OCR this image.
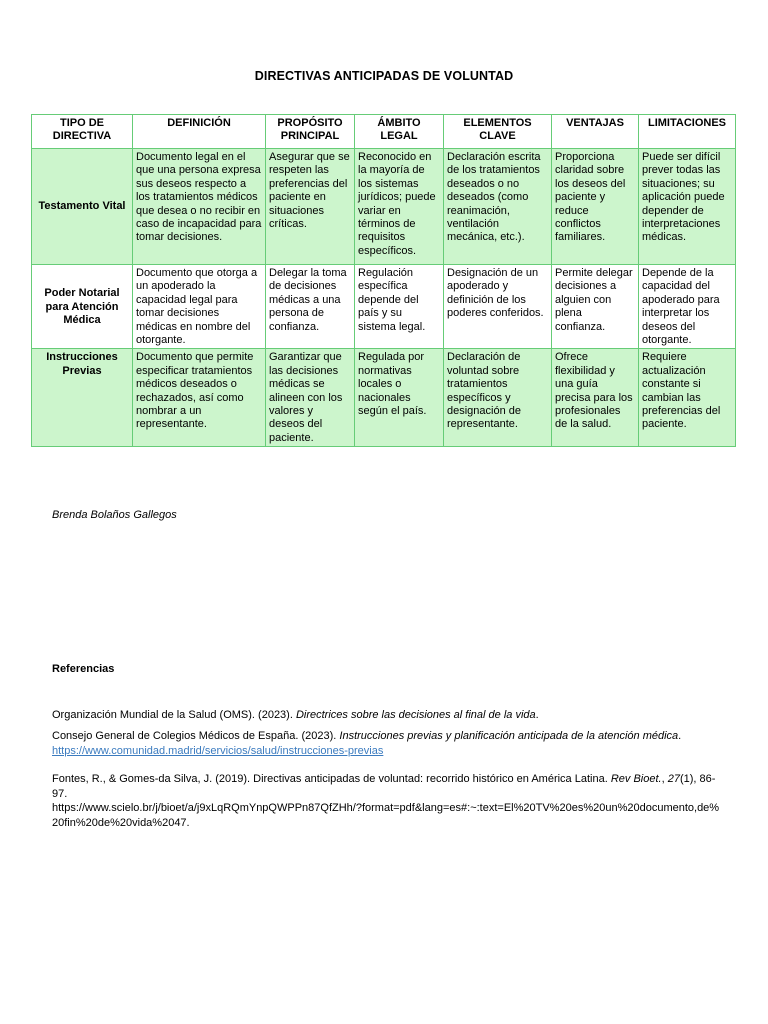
DIRECTIVAS ANTICIPADAS DE VOLUNTAD
TIPO DE DIRECTIVA	DEFINICIÓN	PROPÓSITO PRINCIPAL	ÁMBITO LEGAL	ELEMENTOS CLAVE	VENTAJAS	LIMITACIONES
Testamento Vital	Documento legal en el que una persona expresa sus deseos respecto a los tratamientos médicos que desea o no recibir en caso de incapacidad para tomar decisiones.	Asegurar que se respeten las preferencias del paciente en situaciones críticas.	Reconocido en la mayoría de los sistemas jurídicos; puede variar en términos de requisitos específicos.	Declaración escrita de los tratamientos deseados o no deseados (como reanimación, ventilación mecánica, etc.).	Proporciona claridad sobre los deseos del paciente y reduce conflictos familiares.	Puede ser difícil prever todas las situaciones; su aplicación puede depender de interpretaciones médicas.
Poder Notarial para Atención Médica	Documento que otorga a un apoderado la capacidad legal para tomar decisiones médicas en nombre del otorgante.	Delegar la toma de decisiones médicas a una persona de confianza.	Regulación específica depende del país y su sistema legal.	Designación de un apoderado y definición de los poderes conferidos.	Permite delegar decisiones a alguien con plena confianza.	Depende de la capacidad del apoderado para interpretar los deseos del otorgante.
Instrucciones Previas	Documento que permite especificar tratamientos médicos deseados o rechazados, así como nombrar a un representante.	Garantizar que las decisiones médicas se alineen con los valores y deseos del paciente.	Regulada por normativas locales o nacionales según el país.	Declaración de voluntad sobre tratamientos específicos y designación de representante.	Ofrece flexibilidad y una guía precisa para los profesionales de la salud.	Requiere actualización constante si cambian las preferencias del paciente.
Brenda Bolaños Gallegos
Referencias
Organización Mundial de la Salud (OMS). (2023). Directrices sobre las decisiones al final de la vida.
Consejo General de Colegios Médicos de España. (2023). Instrucciones previas y planificación anticipada de la atención médica. https://www.comunidad.madrid/servicios/salud/instrucciones-previas
Fontes, R., & Gomes-da Silva, J. (2019). Directivas anticipadas de voluntad: recorrido histórico en América Latina. Rev Bioet., 27(1), 86-97.
https://www.scielo.br/j/bioet/a/j9xLqRQmYnpQWPPn87QfZHh/?format=pdf&lang=es#:~:text=El%20TV%20es%20un%20documento,de%20fin%20de%20vida%2047.
